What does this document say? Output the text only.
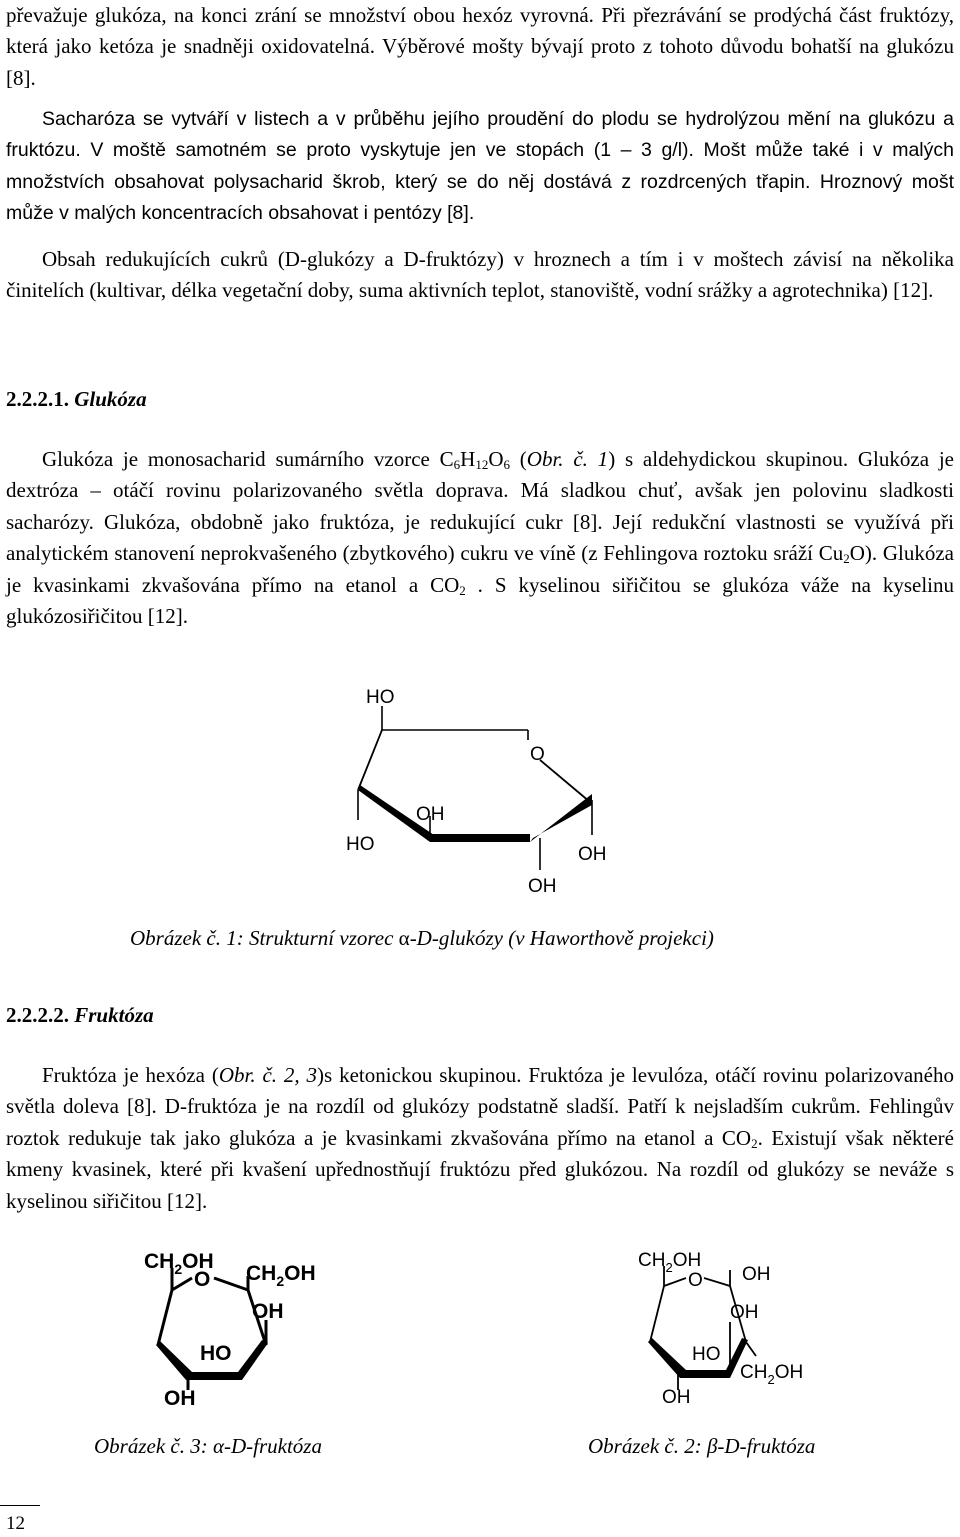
převažuje glukóza, na konci zrání se množství obou hexóz vyrovná. Při přezrávání se prodýchá část fruktózy, která jako ketóza je snadněji oxidovatelná. Výběrové mošty bývají proto z tohoto důvodu bohatší na glukózu [8].

Sacharóza se vytváří v listech a v průběhu jejího proudění do plodu se hydrolýzou mění na glukózu a fruktózu. V moště samotném se proto vyskytuje jen ve stopách (1 – 3 g/l). Mošt může také i v malých množstvích obsahovat polysacharid škrob, který se do něj dostává z rozdrcených třapin. Hroznový mošt může v malých koncentracích obsahovat i pentózy [8].

Obsah redukujících cukrů (D-glukózy a D-fruktózy) v hroznech a tím i v moštech závisí na několika činitelích (kultivar, délka vegetační doby, suma aktivních teplot, stanoviště, vodní srážky a agrotechnika) [12].

2.2.2.1. Glukóza

Glukóza je monosacharid sumárního vzorce $C_6H_{12}O_6$ (Obr. č. 1) s aldehydickou skupinou. Glukóza je dextróza – otáčí rovinu polarizovaného světla doprava. Má sladkou chuť, avšak jen polovinu sladkosti sacharózy. Glukóza, obdobně jako fruktóza, je redukující cukr [8]. Její redukční vlastnosti se využívá při analytickém stanovení neprokvašeného (zbytkového) cukru ve víně (z Fehlingova roztoku sráží $Cu_2O$). Glukóza je kvasinkami zkvašována přímo na etanol a $CO_2$ . S kyselinou siřičitou se glukóza váže na kyselinu glukózosiřičitou [12].

HO
O
HO
OH
OH
OH

Obrázek č. 1: Strukturní vzorec α-D-glukózy (v Haworthově projekci)

2.2.2.2. Fruktóza

Fruktóza je hexóza (Obr. č. 2, 3)s ketonickou skupinou. Fruktóza je levulóza, otáčí rovinu polarizovaného světla doleva [8]. D-fruktóza je na rozdíl od glukózy podstatně sladší. Patří k nejsladším cukrům. Fehlingův roztok redukuje tak jako glukóza a je kvasinkami zkvašována přímo na etanol a $CO_2$. Existují však některé kmeny kvasinek, které při kvašení upřednostňují fruktózu před glukózou. Na rozdíl od glukózy se neváže s kyselinou siřičitou [12].

$CH_2OH$
O $CH_2OH$
OH
HO
OH
$CH_2OH$
O OH
HO
OH
$CH_2OH$
OH

Obrázek č. 3: α-D-fruktóza	Obrázek č. 2: β-D-fruktóza

12
